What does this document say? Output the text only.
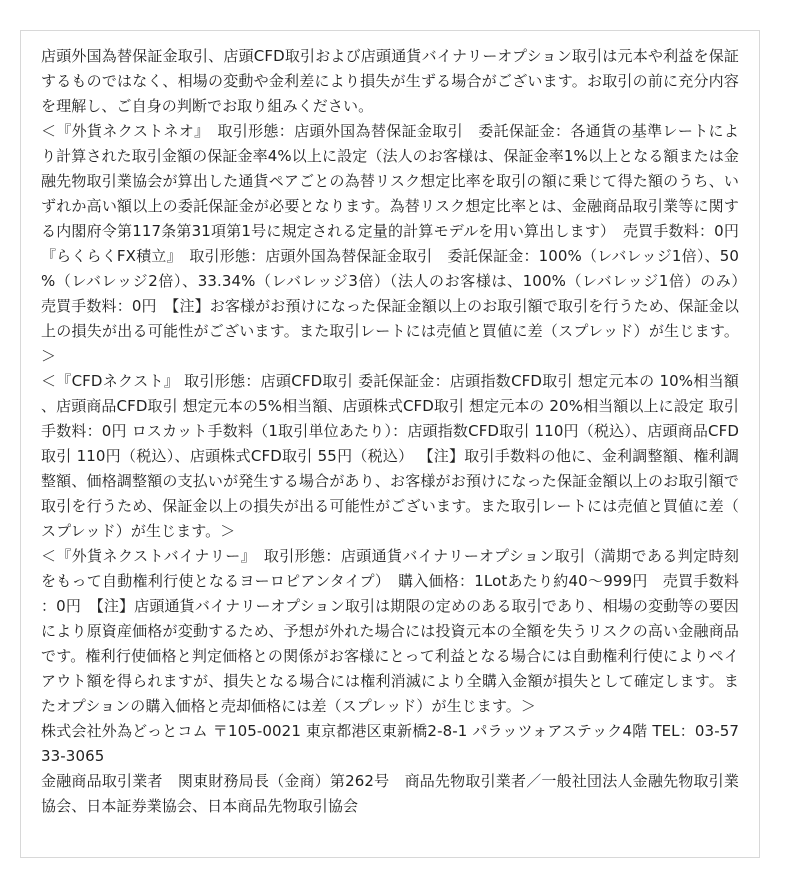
店頭外国為替保証金取引、店頭CFD取引および店頭通貨バイナリーオプション取引は元本や利益を保証するものではなく、相場の変動や金利差により損失が生ずる場合がございます。お取引の前に充分内容を理解し、ご自身の判断でお取り組みください。

＜『外貨ネクストネオ』　取引形態：店頭外国為替保証金取引　委託保証金：各通貨の基準レートにより計算された取引金額の保証金率4%以上に設定（法人のお客様は、保証金率1%以上となる額または金融先物取引業協会が算出した通貨ペアごとの為替リスク想定比率を取引の額に乗じて得た額のうち、いずれか高い額以上の委託保証金が必要となります。為替リスク想定比率とは、金融商品取引業等に関する内閣府令第117条第31項第1号に規定される定量的計算モデルを用い算出します）　売買手数料：0円　『らくらくFX積立』　取引形態：店頭外国為替保証金取引　委託保証金：100%（レバレッジ1倍）、50%（レバレッジ2倍）、33.34%（レバレッジ3倍）（法人のお客様は、100%（レバレッジ1倍）のみ）　売買手数料：0円　【注】お客様がお預けになった保証金額以上のお取引額で取引を行うため、保証金以上の損失が出る可能性がございます。また取引レートには売値と買値に差（スプレッド）が生じます。＞

＜『CFDネクスト』 取引形態：店頭CFD取引 委託保証金：店頭指数CFD取引 想定元本の 10%相当額、店頭商品CFD取引 想定元本の5%相当額、店頭株式CFD取引 想定元本の 20%相当額以上に設定 取引手数料：0円 ロスカット手数料（1取引単位あたり）：店頭指数CFD取引 110円（税込）、店頭商品CFD取引 110円（税込）、店頭株式CFD取引 55円（税込） 【注】取引手数料の他に、金利調整額、権利調整額、価格調整額の支払いが発生する場合があり、お客様がお預けになった保証金額以上のお取引額で取引を行うため、保証金以上の損失が出る可能性がございます。また取引レートには売値と買値に差（スプレッド）が生じます。＞

＜『外貨ネクストバイナリー』　取引形態：店頭通貨バイナリーオプション取引（満期である判定時刻をもって自動権利行使となるヨーロピアンタイプ）　購入価格：1Lotあたり約40〜999円　売買手数料：0円　【注】店頭通貨バイナリーオプション取引は期限の定めのある取引であり、相場の変動等の要因により原資産価格が変動するため、予想が外れた場合には投資元本の全額を失うリスクの高い金融商品です。権利行使価格と判定価格との関係がお客様にとって利益となる場合には自動権利行使によりペイアウト額を得られますが、損失となる場合には権利消滅により全購入金額が損失として確定します。またオプションの購入価格と売却価格には差（スプレッド）が生じます。＞

株式会社外為どっとコム 〒105-0021 東京都港区東新橋2-8-1 パラッツォアステック4階 TEL：03-5733-3065

金融商品取引業者　関東財務局長（金商）第262号　商品先物取引業者／一般社団法人金融先物取引業協会、日本証券業協会、日本商品先物取引協会
